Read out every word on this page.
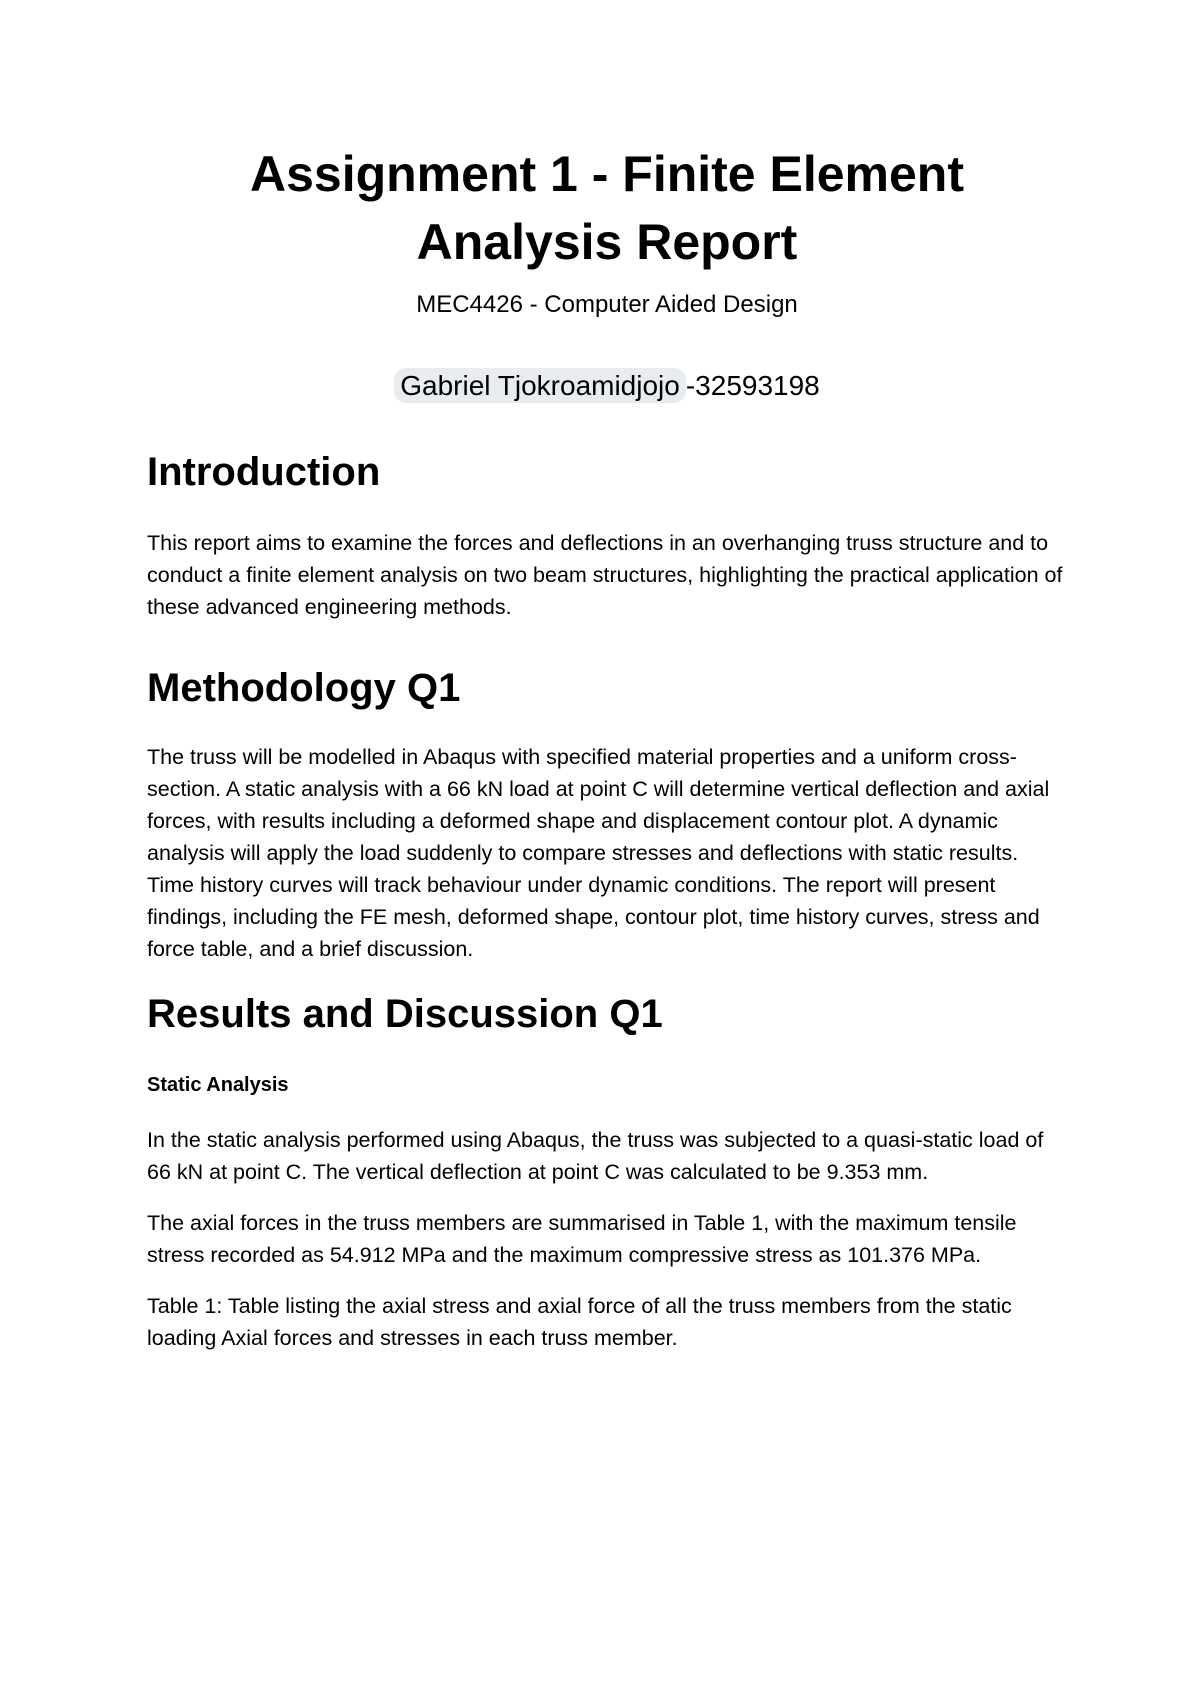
Assignment 1 - Finite Element
Analysis Report

MEC4426 - Computer Aided Design

Gabriel Tjokroamidjojo -32593198

Introduction

This report aims to examine the forces and deflections in an overhanging truss structure and to conduct a finite element analysis on two beam structures, highlighting the practical application of these advanced engineering methods.

Methodology Q1

The truss will be modelled in Abaqus with specified material properties and a uniform cross-section. A static analysis with a 66 kN load at point C will determine vertical deflection and axial forces, with results including a deformed shape and displacement contour plot. A dynamic analysis will apply the load suddenly to compare stresses and deflections with static results. Time history curves will track behaviour under dynamic conditions. The report will present findings, including the FE mesh, deformed shape, contour plot, time history curves, stress and force table, and a brief discussion.

Results and Discussion Q1

Static Analysis

In the static analysis performed using Abaqus, the truss was subjected to a quasi-static load of 66 kN at point C. The vertical deflection at point C was calculated to be 9.353 mm.

The axial forces in the truss members are summarised in Table 1, with the maximum tensile stress recorded as 54.912 MPa and the maximum compressive stress as 101.376 MPa.

Table 1: Table listing the axial stress and axial force of all the truss members from the static loading Axial forces and stresses in each truss member.
